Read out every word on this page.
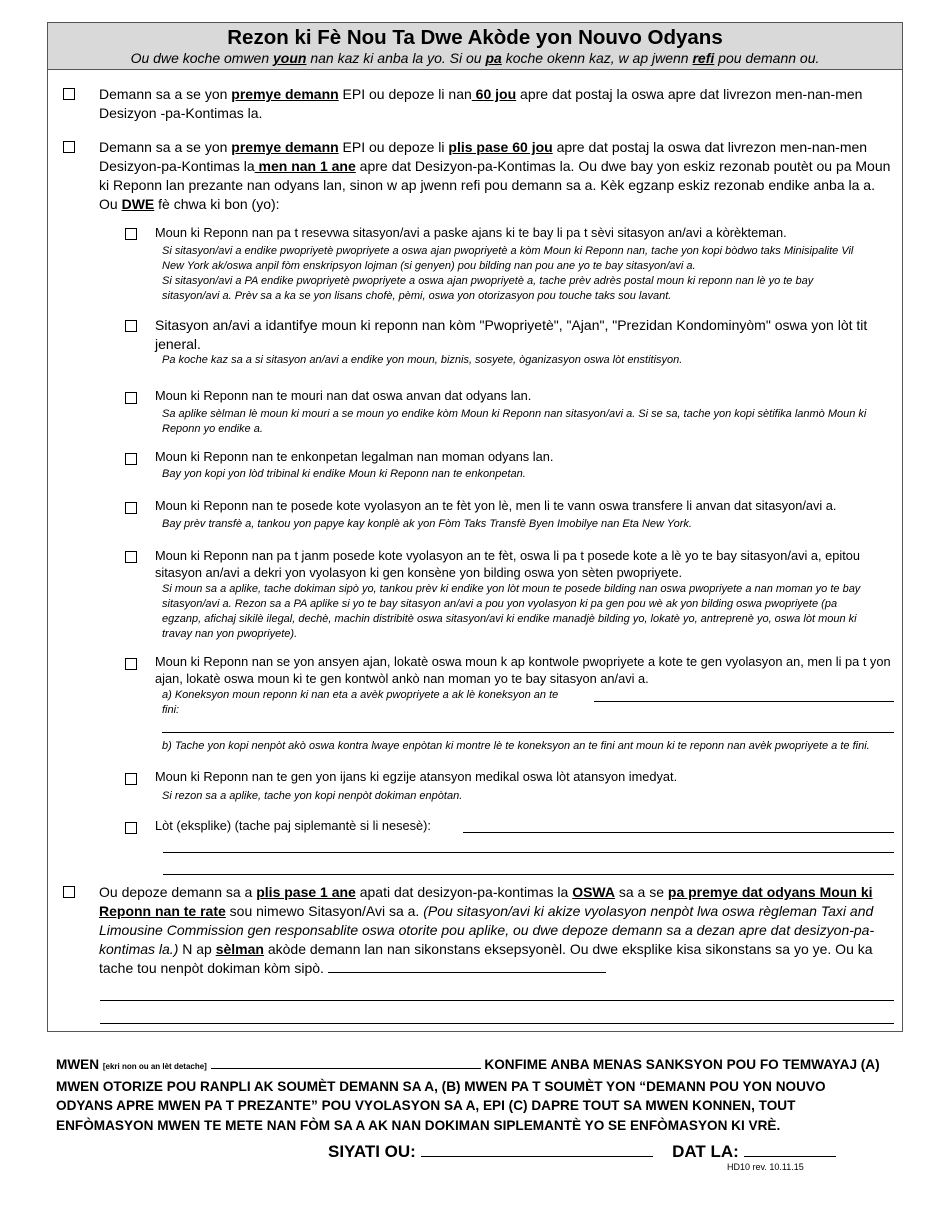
Rezon ki Fè Nou Ta Dwe Akòde yon Nouvo Odyans
Ou dwe koche omwen youn nan kaz ki anba la yo. Si ou pa koche okenn kaz, w ap jwenn refi pou demann ou.
Demann sa a se yon premye demann EPI ou depoze li nan 60 jou apre dat postaj la oswa apre dat livrezon men-nan-men Desizyon -pa-Kontimas la.
Demann sa a se yon premye demann EPI ou depoze li plis pase 60 jou apre dat postaj la oswa dat livrezon men-nan-men Desizyon-pa-Kontimas la men nan 1 ane apre dat Desizyon-pa-Kontimas la. Ou dwe bay yon eskiz rezonab poutèt ou pa Moun ki Reponn lan prezante nan odyans lan, sinon w ap jwenn refi pou demann sa a. Kèk egzanp eskiz rezonab endike anba la a. Ou DWE fè chwa ki bon (yo):
Moun ki Reponn nan pa t resevwa sitasyon/avi a paske ajans ki te bay li pa t sèvi sitasyon an/avi a kòrèkteman.
Si sitasyon/avi a endike pwopriyetè pwopriyete a oswa ajan pwopriyetè a kòm Moun ki Reponn nan, tache yon kopi bòdwo taks Minisipalite Vil
New York ak/oswa anpil fòm enskripsyon lojman (si genyen) pou bilding nan pou ane yo te bay sitasyon/avi a.
Si sitasyon/avi a PA endike pwopriyetè pwopriyete a oswa ajan pwopriyetè a, tache prèv adrès postal moun ki reponn nan lè yo te bay
sitasyon/avi a. Prèv sa a ka se yon lisans chofè, pèmi, oswa yon otorizasyon pou touche taks sou lavant.
Sitasyon an/avi a idantifye moun ki reponn nan kòm "Pwopriyetè", "Ajan", "Prezidan Kondominyòm" oswa yon lòt tit jeneral.
Pa koche kaz sa a si sitasyon an/avi a endike yon moun, biznis, sosyete, òganizasyon oswa lòt enstitisyon.
Moun ki Reponn nan te mouri nan dat oswa anvan dat odyans lan.
Sa aplike sèlman lè moun ki mouri a se moun yo endike kòm Moun ki Reponn nan sitasyon/avi a. Si se sa, tache yon kopi sètifika lanmò Moun ki
Reponn yo endike a.
Moun ki Reponn nan te enkonpetan legalman nan moman odyans lan.
Bay yon kopi yon lòd tribinal ki endike Moun ki Reponn nan te enkonpetan.
Moun ki Reponn nan te posede kote vyolasyon an te fèt yon lè, men li te vann oswa transfere li anvan dat sitasyon/avi a.
Bay prèv transfè a, tankou yon papye kay konplè ak yon Fòm Taks Transfè Byen Imobilye nan Eta New York.
Moun ki Reponn nan pa t janm posede kote vyolasyon an te fèt, oswa li pa t posede kote a lè yo te bay sitasyon/avi a, epitou sitasyon an/avi a dekri yon vyolasyon ki gen konsène yon bilding oswa yon sèten pwopriyete.
Si moun sa a aplike, tache dokiman sipò yo, tankou prèv ki endike yon lòt moun te posede bilding nan oswa pwopriyete a nan moman yo te bay
sitasyon/avi a. Rezon sa a PA aplike si yo te bay sitasyon an/avi a pou yon vyolasyon ki pa gen pou wè ak yon bilding oswa pwopriyete (pa
egzanp, afichaj sikilè ilegal, dechè, machin distribitè oswa sitasyon/avi ki endike manadjè bilding yo, lokatè yo, antreprenè yo, oswa lòt moun ki
travay nan yon pwopriyete).
Moun ki Reponn nan se yon ansyen ajan, lokatè oswa moun k ap kontwole pwopriyete a kote te gen vyolasyon an, men li pa t yon ajan, lokatè oswa moun ki te gen kontwòl ankò nan moman yo te bay sitasyon an/avi a.
a) Koneksyon moun reponn ki nan eta a avèk pwopriyete a ak lè koneksyon an te
fini:
b) Tache yon kopi nenpòt akò oswa kontra lwaye enpòtan ki montre lè te koneksyon an te fini ant moun ki te reponn nan avèk pwopriyete a te fini.
Moun ki Reponn nan te gen yon ijans ki egzije atansyon medikal oswa lòt atansyon imedyat.
Si rezon sa a aplike, tache yon kopi nenpòt dokiman enpòtan.
Lòt (eksplike) (tache paj siplemantè si li nesesè):
Ou depoze demann sa a plis pase 1 ane apati dat desizyon-pa-kontimas la OSWA sa a se pa premye dat odyans Moun ki Reponn nan te rate sou nimewo Sitasyon/Avi sa a. (Pou sitasyon/avi ki akize vyolasyon nenpòt lwa oswa règleman Taxi and Limousine Commission gen responsablite oswa otorite pou aplike, ou dwe depoze demann sa a dezan apre dat desizyon-pa-kontimas la.) N ap sèlman akòde demann lan nan sikonstans eksepsyonèl. Ou dwe eksplike kisa sikonstans sa yo ye. Ou ka tache tou nenpòt dokiman kòm sipò.
MWEN [ekri non ou an lèt detache]	KONFIME ANBA MENAS SANKSYON POU FO TEMWAYAJ (A) MWEN OTORIZE POU RANPLI AK SOUMÈT DEMANN SA A, (B) MWEN PA T SOUMÈT YON “DEMANN POU YON NOUVO ODYANS APRE MWEN PA T PREZANTE” POU VYOLASYON SA A, EPI (C) DAPRE TOUT SA MWEN KONNEN, TOUT ENFÒMASYON MWEN TE METE NAN FÒM SA A AK NAN DOKIMAN SIPLEMANTÈ YO SE ENFÒMASYON KI VRÈ.
SIYATI OU:	DAT LA:
HD10 rev. 10.11.15
